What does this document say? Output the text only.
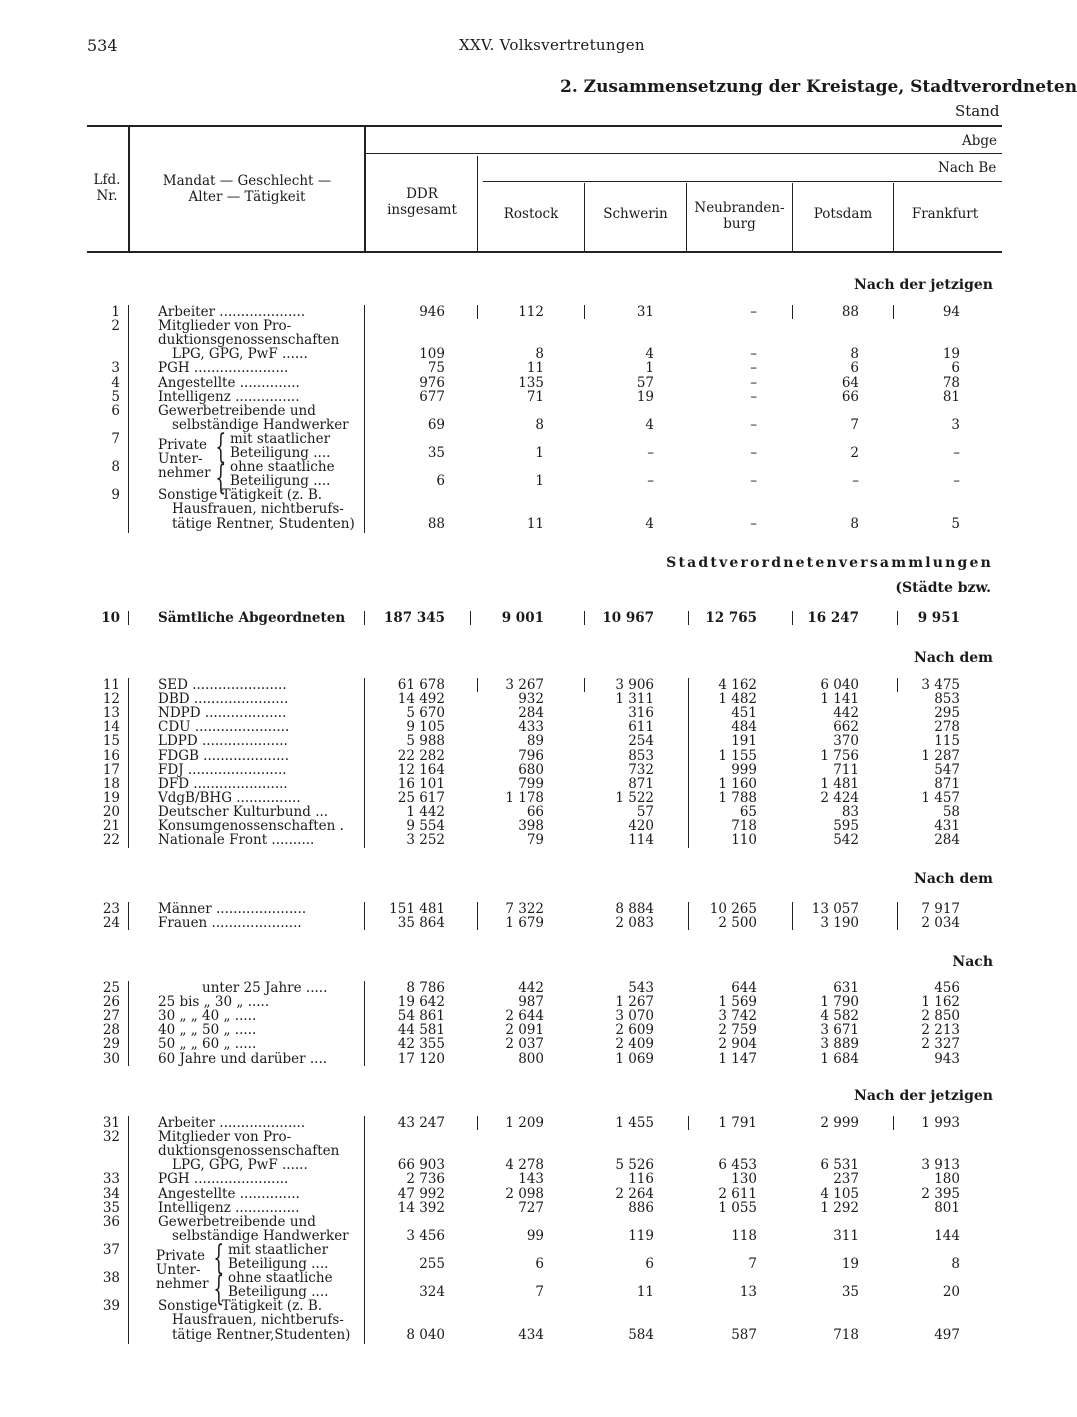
534	XXV. Volksvertretungen
2. Zusammensetzung der Kreistage, Stadtverordneten
Stand
Lfd.
Nr.
Mandat — Geschlecht —
Alter — Tätigkeit
Abge
Nach Be
DDR
insgesamt	Rostock	Schwerin	Neubranden-
burg
Potsdam	Frankfurt
Nach der jetzigen
Stadtverordnetenversammlungen
(Städte bzw.
Nach dem
Nach dem
Nach
Nach der jetzigen
1	Arbeiter ....................	946	112	31	–	88	94
2	Mitglieder von Pro-
duktionsgenossenschaften
LPG, GPG, PwF ......	109	8	4	–	8	19
3	PGH ......................	75	11	1	–	6	6
4	Angestellte ..............	976	135	57	–	64	78
5	Intelligenz ...............	677	71	19	–	66	81
6	Gewerbetreibende und
selbständige Handwerker	69	8	4	–	7	3
7	mit staatlicher
Beteiligung ....	35	1	–	–	2	–
8	ohne staatliche
Beteiligung ....	6	1	–	–	–	–
9	Sonstige Tätigkeit (z. B.
Hausfrauen, nichtberufs-
tätige Rentner, Studenten)	88	11	4	–	8	5
10	Sämtliche Abgeordneten	187 345	9 001	10 967	12 765	16 247	9 951
11	SED ......................	61 678	3 267	3 906	4 162	6 040	3 475
12	DBD ......................	14 492	932	1 311	1 482	1 141	853
13	NDPD ...................	5 670	284	316	451	442	295
14	CDU ......................	9 105	433	611	484	662	278
15	LDPD ....................	5 988	89	254	191	370	115
16	FDGB ....................	22 282	796	853	1 155	1 756	1 287
17	FDJ .......................	12 164	680	732	999	711	547
18	DFD ......................	16 101	799	871	1 160	1 481	871
19	VdgB/BHG ...............	25 617	1 178	1 522	1 788	2 424	1 457
20	Deutscher Kulturbund ...	1 442	66	57	65	83	58
21	Konsumgenossenschaften .	9 554	398	420	718	595	431
22	Nationale Front ..........	3 252	79	114	110	542	284
23	Männer .....................	151 481	7 322	8 884	10 265	13 057	7 917
24	Frauen .....................	35 864	1 679	2 083	2 500	3 190	2 034
25	unter 25 Jahre .....	8 786	442	543	644	631	456
26	25 bis „ 30 „ .....	19 642	987	1 267	1 569	1 790	1 162
27	30 „ „ 40 „ .....	54 861	2 644	3 070	3 742	4 582	2 850
28	40 „ „ 50 „ .....	44 581	2 091	2 609	2 759	3 671	2 213
29	50 „ „ 60 „ .....	42 355	2 037	2 409	2 904	3 889	2 327
30	60 Jahre und darüber ....	17 120	800	1 069	1 147	1 684	943
31	Arbeiter ....................	43 247	1 209	1 455	1 791	2 999	1 993
32	Mitglieder von Pro-
duktionsgenossenschaften
LPG, GPG, PwF ......	66 903	4 278	5 526	6 453	6 531	3 913
33	PGH ......................	2 736	143	116	130	237	180
34	Angestellte ..............	47 992	2 098	2 264	2 611	4 105	2 395
35	Intelligenz ...............	14 392	727	886	1 055	1 292	801
36	Gewerbetreibende und
selbständige Handwerker	3 456	99	119	118	311	144
37	mit staatlicher
Beteiligung ....	255	6	6	7	19	8
38	ohne staatliche
Beteiligung ....	324	7	11	13	35	20
39	Sonstige Tätigkeit (z. B.
Hausfrauen, nichtberufs-
tätige Rentner,Studenten)	8 040	434	584	587	718	497
Private
Unter-
nehmer
{
{
Private
Unter-
nehmer
{
{
